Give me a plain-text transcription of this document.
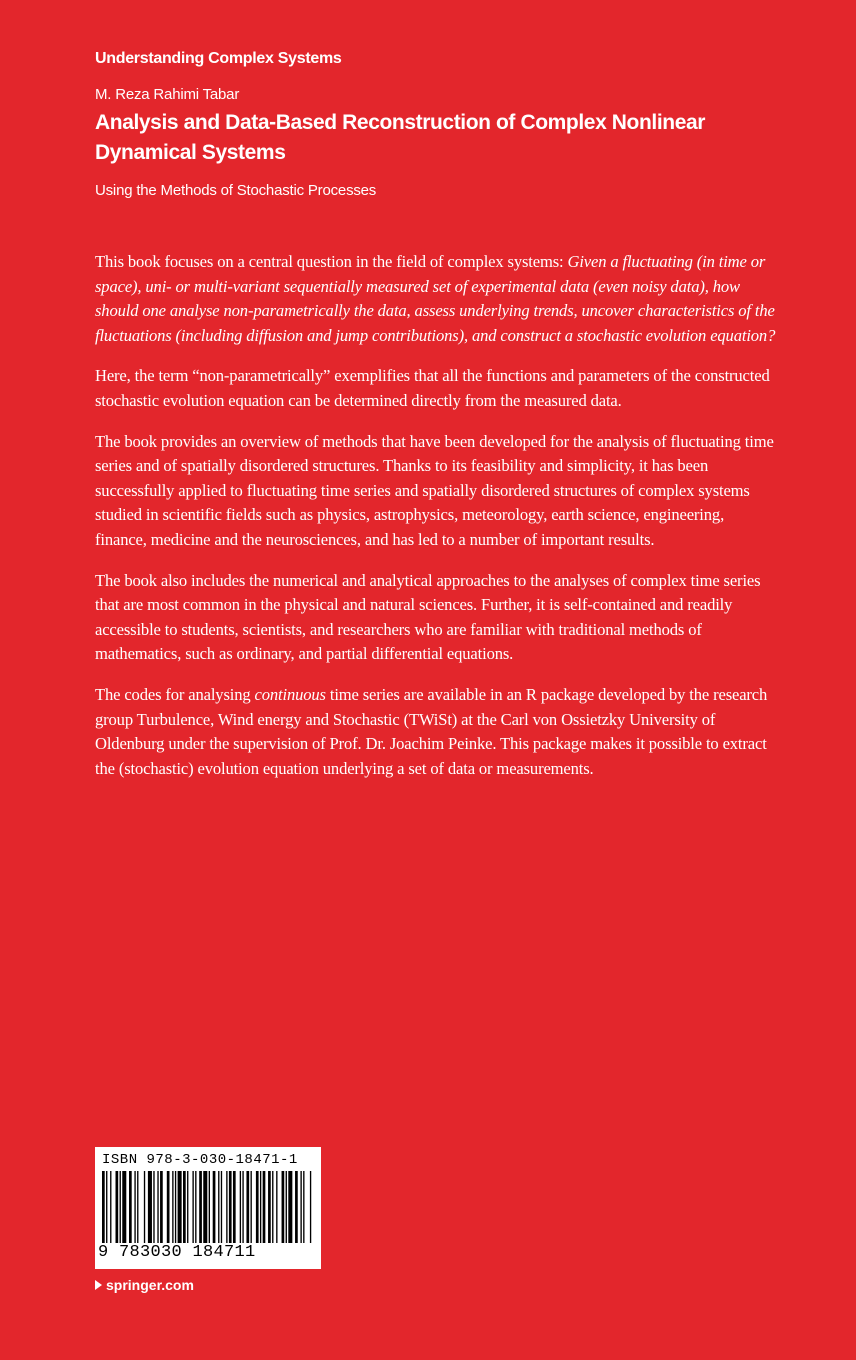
Understanding Complex Systems
M. Reza Rahimi Tabar
Analysis and Data-Based Reconstruction of Complex Nonlinear Dynamical Systems
Using the Methods of Stochastic Processes

This book focuses on a central question in the field of complex systems: Given a fluctuating (in time or space), uni- or multi-variant sequentially measured set of experimental data (even noisy data), how should one analyse non-parametrically the data, assess underlying trends, uncover characteristics of the fluctuations (including diffusion and jump contributions), and construct a stochastic evolution equation?

Here, the term “non-parametrically” exemplifies that all the functions and parameters of the constructed stochastic evolution equation can be determined directly from the measured data.

The book provides an overview of methods that have been developed for the analysis of fluctuating time series and of spatially disordered structures. Thanks to its feasibility and simplicity, it has been successfully applied to fluctuating time series and spatially disordered structures of complex systems studied in scientific fields such as physics, astrophysics, meteorology, earth science, engineering, finance, medicine and the neurosciences, and has led to a number of important results.

The book also includes the numerical and analytical approaches to the analyses of complex time series that are most common in the physical and natural sciences. Further, it is self-contained and readily accessible to students, scientists, and researchers who are familiar with traditional methods of mathematics, such as ordinary, and partial differential equations.

The codes for analysing continuous time series are available in an R package developed by the research group Turbulence, Wind energy and Stochastic (TWiSt) at the Carl von Ossietzky University of Oldenburg under the supervision of Prof. Dr. Joachim Peinke. This package makes it possible to extract the (stochastic) evolution equation underlying a set of data or measurements.

ISBN 978-3-030-18471-1
9 783030 184711
springer.com
